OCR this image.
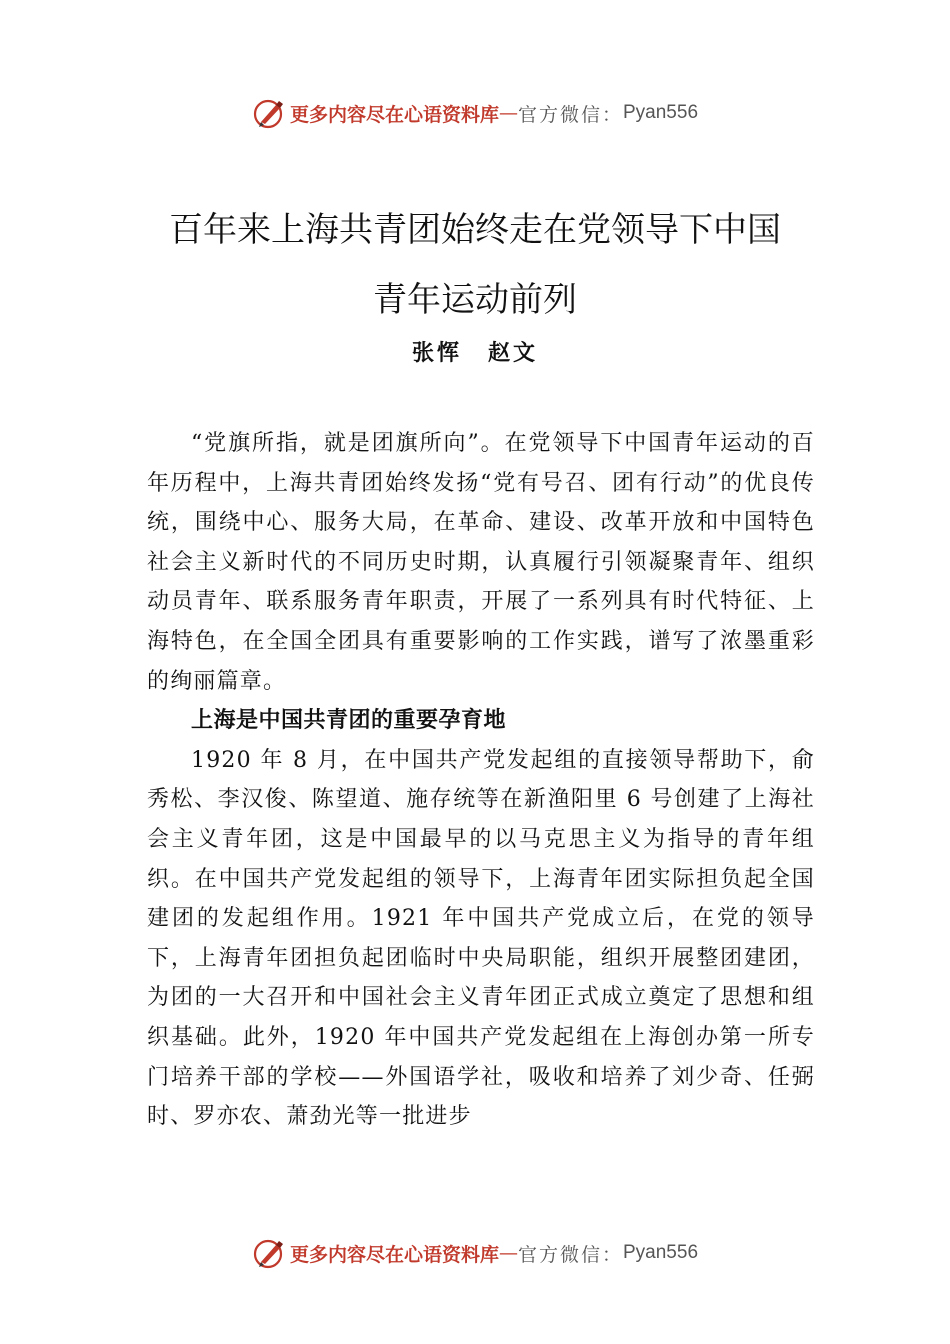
更多内容尽在心语资料库 — 官方微信： Pyan556
百年来上海共青团始终走在党领导下中国
青年运动前列
张恽 赵文

“党旗所指，就是团旗所向”。在党领导下中国青年运动的百年历程中，上海共青团始终发扬“党有号召、团有行动”的优良传统，围绕中心、服务大局，在革命、建设、改革开放和中国特色社会主义新时代的不同历史时期，认真履行引领凝聚青年、组织动员青年、联系服务青年职责，开展了一系列具有时代特征、上海特色，在全国全团具有重要影响的工作实践，谱写了浓墨重彩的绚丽篇章。

上海是中国共青团的重要孕育地

1920 年 8 月，在中国共产党发起组的直接领导帮助下，俞秀松、李汉俊、陈望道、施存统等在新渔阳里 6 号创建了上海社会主义青年团，这是中国最早的以马克思主义为指导的青年组织。在中国共产党发起组的领导下，上海青年团实际担负起全国建团的发起组作用。1921 年中国共产党成立后，在党的领导下，上海青年团担负起团临时中央局职能，组织开展整团建团，为团的一大召开和中国社会主义青年团正式成立奠定了思想和组织基础。此外，1920 年中国共产党发起组在上海创办第一所专门培养干部的学校——外国语学社，吸收和培养了刘少奇、任弼时、罗亦农、萧劲光等一批进步

更多内容尽在心语资料库 — 官方微信： Pyan556
